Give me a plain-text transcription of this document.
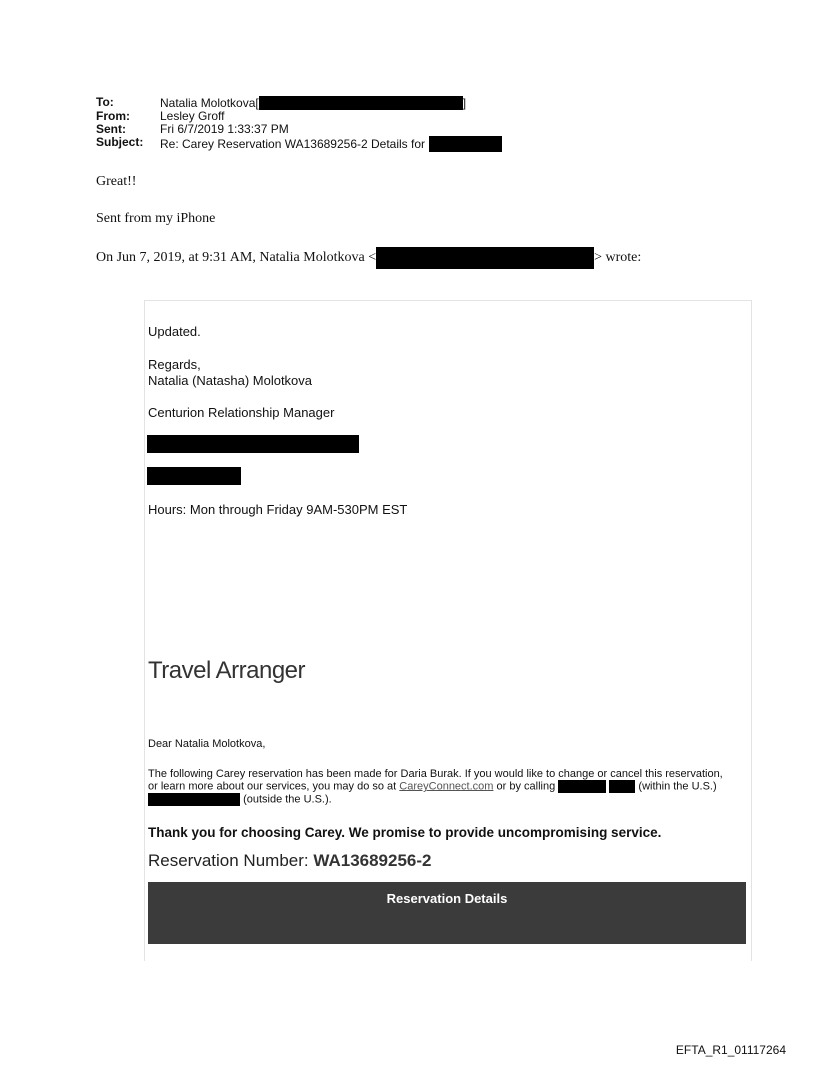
To:	Natalia Molotkova[	]
From:	Lesley Groff
Sent:	Fri 6/7/2019 1:33:37 PM
Subject:	Re: Carey Reservation WA13689256-2 Details for
Great!!
Sent from my iPhone
On Jun 7, 2019, at 9:31 AM, Natalia Molotkova <	> wrote:
Updated.
Regards,
Natalia (Natasha) Molotkova
Centurion Relationship Manager
Hours: Mon through Friday 9AM-530PM EST
Travel Arranger
Dear Natalia Molotkova,
The following Carey reservation has been made for Daria Burak. If you would like to change or cancel this reservation, or learn more about our services, you may do so at CareyConnect.com or by calling	(within the U.S.)  (outside the U.S.).
Thank you for choosing Carey. We promise to provide uncompromising service.
Reservation Number: WA13689256-2
Reservation Details
EFTA_R1_01117264
